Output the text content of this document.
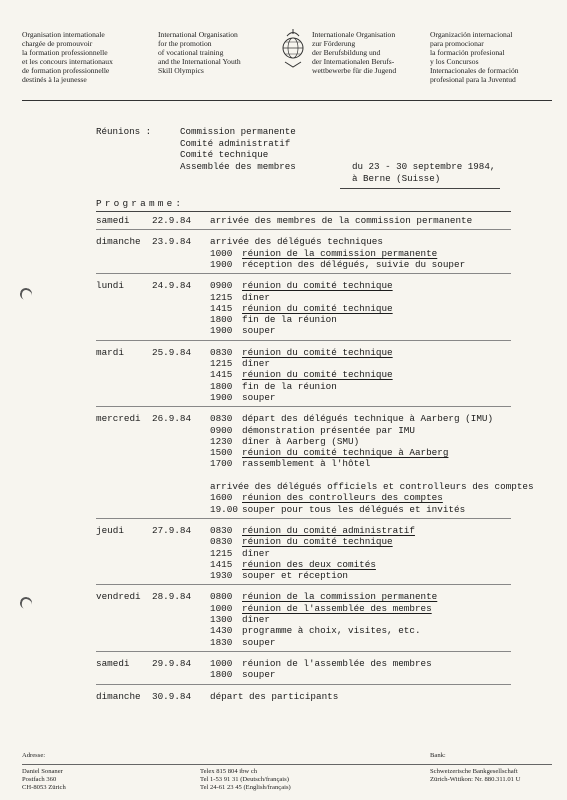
Organisation internationale
chargée de promouvoir
la formation professionnelle
et les concours internationaux
de formation professionnelle
destinés à la jeunesse
International Organisation
for the promotion
of vocational training
and the International Youth
Skill Olympics
Internationale Organisation
zur Förderung
der Berufsbildung und
der Internationalen Berufs-
wettbewerbe für die Jugend
Organización internacional
para promocionar
la formación profesional
y los Concursos
Internacionales de formación
profesional para la Juventud
Réunions :	Commission permanente
Comité administratif
Comité technique
Assemblée des membres	du 23 - 30 septembre 1984,
à Berne (Suisse)
Programme:
samedi 22.9.84 arrivée des membres de la commission permanente
dimanche 23.9.84 arrivée des délégués techniques
1000 réunion de la commission permanente
1900 réception des délégués, suivie du souper
lundi	24.9.84 0900 réunion du comité technique
1215 dîner
1415 réunion du comité technique
1800 fin de la réunion
1900 souper
mardi	25.9.84 0830 réunion du comité technique
1215 dîner
1415 réunion du comité technique
1800 fin de la réunion
1900 souper
mercredi 26.9.84 0830 départ des délégués technique à Aarberg (IMU)
0900 démonstration présentée par IMU
1230 dîner à Aarberg (SMU)
1500 réunion du comité technique à Aarberg
1700 rassemblement à l'hôtel
arrivée des délégués officiels et controlleurs des comptes
1600 réunion des controlleurs des comptes
19.00 souper pour tous les délégués et invités
jeudi	27.9.84 0830 réunion du comité administratif
0830 réunion du comité technique
1215 dîner
1415 réunion des deux comités
1930 souper et réception
vendredi 28.9.84 0800 réunion de la commission permanente
1000 réunion de l'assemblée des membres
1300 dîner
1430 programme à choix, visites, etc.
1830 souper
samedi 29.9.84 1000 réunion de l'assemblée des membres
1800 souper
dimanche 30.9.84 départ des participants
Adresse:
Daniel Sonaner
Postfach 360
CH-8053 Zürich
Telex 815 804 ibw ch
Tel 1-53 91 31 (Deutsch/français)
Tel 24-61 23 45 (English/français)
Bank:
Schweizerische Bankgesellschaft
Zürich-Witikon: Nr. 880.311.01 U
